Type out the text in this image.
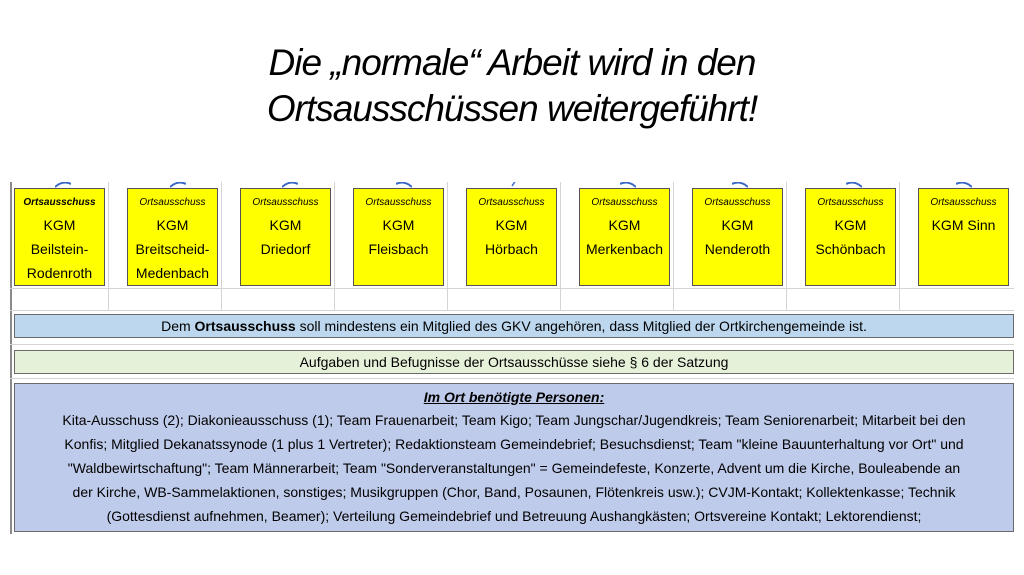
Die „normale“ Arbeit wird in den
Ortsausschüssen weitergeführt!
Ortsausschuss
KGM
Beilstein-
Rodenroth
Ortsausschuss
KGM
Breitscheid-
Medenbach
Ortsausschuss
KGM
Driedorf
Ortsausschuss
KGM
Fleisbach
Ortsausschuss
KGM
Hörbach
Ortsausschuss
KGM
Merkenbach
Ortsausschuss
KGM
Nenderoth
Ortsausschuss
KGM
Schönbach
Ortsausschuss
KGM Sinn
Dem Ortsausschuss soll mindestens ein Mitglied des GKV angehören, dass Mitglied der Ortkirchengemeinde ist.
Aufgaben und Befugnisse der Ortsausschüsse siehe § 6 der Satzung
Im Ort benötigte Personen:
Kita-Ausschuss (2); Diakonieausschuss (1); Team Frauenarbeit; Team Kigo; Team Jungschar/Jugendkreis; Team Seniorenarbeit; Mitarbeit bei den
Konfis; Mitglied Dekanatssynode (1 plus 1 Vertreter); Redaktionsteam Gemeindebrief; Besuchsdienst; Team "kleine Bauunterhaltung vor Ort" und
"Waldbewirtschaftung"; Team Männerarbeit; Team "Sonderveranstaltungen" = Gemeindefeste, Konzerte, Advent um die Kirche, Bouleabende an
der Kirche, WB-Sammelaktionen, sonstiges; Musikgruppen (Chor, Band, Posaunen, Flötenkreis usw.); CVJM-Kontakt; Kollektenkasse; Technik
(Gottesdienst aufnehmen, Beamer); Verteilung Gemeindebrief und Betreuung Aushangkästen; Ortsvereine Kontakt; Lektorendienst;
